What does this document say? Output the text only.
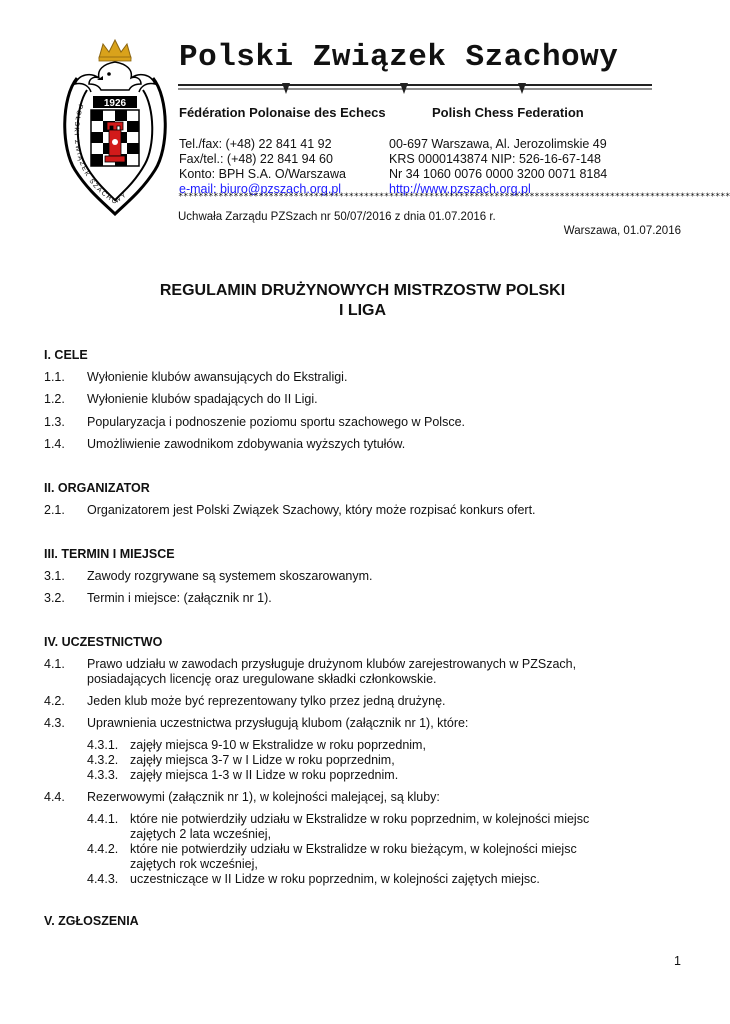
1926
POLSKI ZWIĄZEK SZACHOWY
Polski Związek Szachowy
Fédération Polonaise des Echecs	Polish Chess Federation
Tel./fax: (+48) 22 841 41 92
Fax/tel.: (+48) 22 841 94 60
Konto: BPH S.A. O/Warszawa
e-mail: biuro@pzszach.org.pl
00-697 Warszawa, Al. Jerozolimskie 49
KRS 0000143874 NIP: 526-16-67-148
Nr 34 1060 0076 0000 3200 0071 8184
http://www.pzszach.org.pl
**************************************************************************************************************
Uchwała Zarządu PZSzach nr 50/07/2016 z dnia 01.07.2016 r.
Warszawa, 01.07.2016
REGULAMIN DRUŻYNOWYCH MISTRZOSTW POLSKI
I LIGA
I. CELE
1.1. Wyłonienie klubów awansujących do Ekstraligi.
1.2. Wyłonienie klubów spadających do II Ligi.
1.3. Popularyzacja i podnoszenie poziomu sportu szachowego w Polsce.
1.4. Umożliwienie zawodnikom zdobywania wyższych tytułów.
II. ORGANIZATOR
2.1. Organizatorem jest Polski Związek Szachowy, który może rozpisać konkurs ofert.
III. TERMIN I MIEJSCE
3.1. Zawody rozgrywane są systemem skoszarowanym.
3.2. Termin i miejsce: (załącznik nr 1).
IV. UCZESTNICTWO
4.1. Prawo udziału w zawodach przysługuje drużynom klubów zarejestrowanych w PZSzach,
posiadających licencję oraz uregulowane składki członkowskie.
4.2. Jeden klub może być reprezentowany tylko przez jedną drużynę.
4.3. Uprawnienia uczestnictwa przysługują klubom (załącznik nr 1), które:
4.3.1. zajęły miejsca 9-10 w Ekstralidze w roku poprzednim,
4.3.2. zajęły miejsca 3-7 w I Lidze w roku poprzednim,
4.3.3. zajęły miejsca 1-3 w II Lidze w roku poprzednim.
4.4. Rezerwowymi (załącznik nr 1), w kolejności malejącej, są kluby:
4.4.1. które nie potwierdziły udziału w Ekstralidze w roku poprzednim, w kolejności miejsc
zajętych 2 lata wcześniej,
4.4.2. które nie potwierdziły udziału w Ekstralidze w roku bieżącym, w kolejności miejsc
zajętych rok wcześniej,
4.4.3. uczestniczące w II Lidze w roku poprzednim, w kolejności zajętych miejsc.
V. ZGŁOSZENIA
1
